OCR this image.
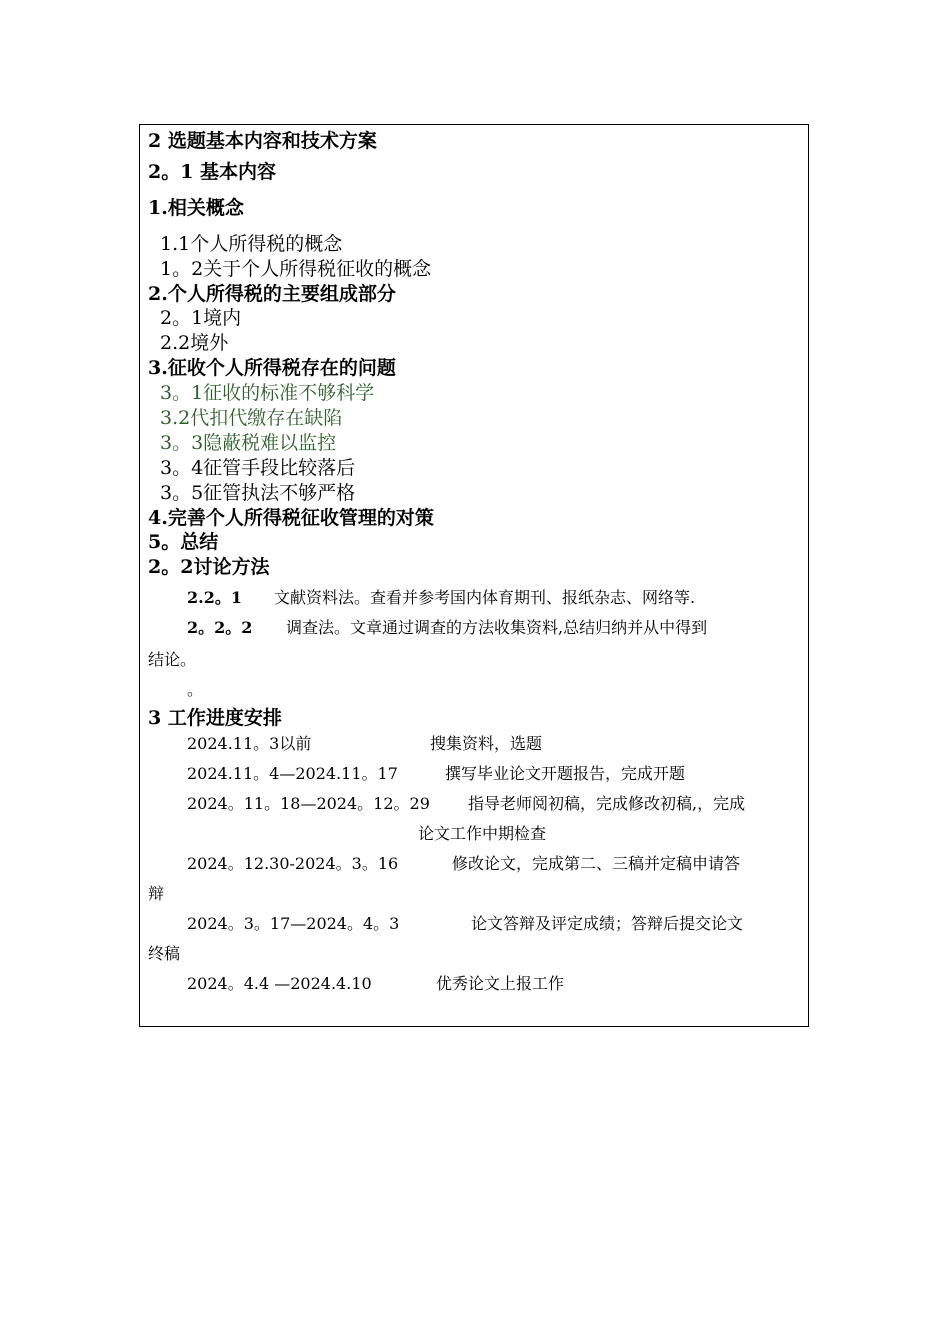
2 选题基本内容和技术方案
2。1 基本内容
1.相关概念
1.1个人所得税的概念
1。2关于个人所得税征收的概念
2.个人所得税的主要组成部分
2。1境内
2.2境外
3.征收个人所得税存在的问题
3。1征收的标准不够科学
3.2代扣代缴存在缺陷
3。3隐蔽税难以监控
3。4征管手段比较落后
3。5征管执法不够严格
4.完善个人所得税征收管理的对策
5。总结
2。2讨论方法
2.2。1 文献资料法。查看并参考国内体育期刊、报纸杂志、网络等.
2。2。2 调查法。文章通过调查的方法收集资料,总结归纳并从中得到
结论。
。
3 工作进度安排
2024.11。3以前	搜集资料，选题
2024.11。4—2024.11。17	撰写毕业论文开题报告，完成开题
2024。11。18—2024。12。29 指导老师阅初稿，完成修改初稿,，完成
论文工作中期检查
2024。12.30-2024。3。16	修改论文，完成第二、三稿并定稿申请答
辩
2024。3。17—2024。4。3	论文答辩及评定成绩；答辩后提交论文
终稿
2024。4.4 —2024.4.10	优秀论文上报工作
